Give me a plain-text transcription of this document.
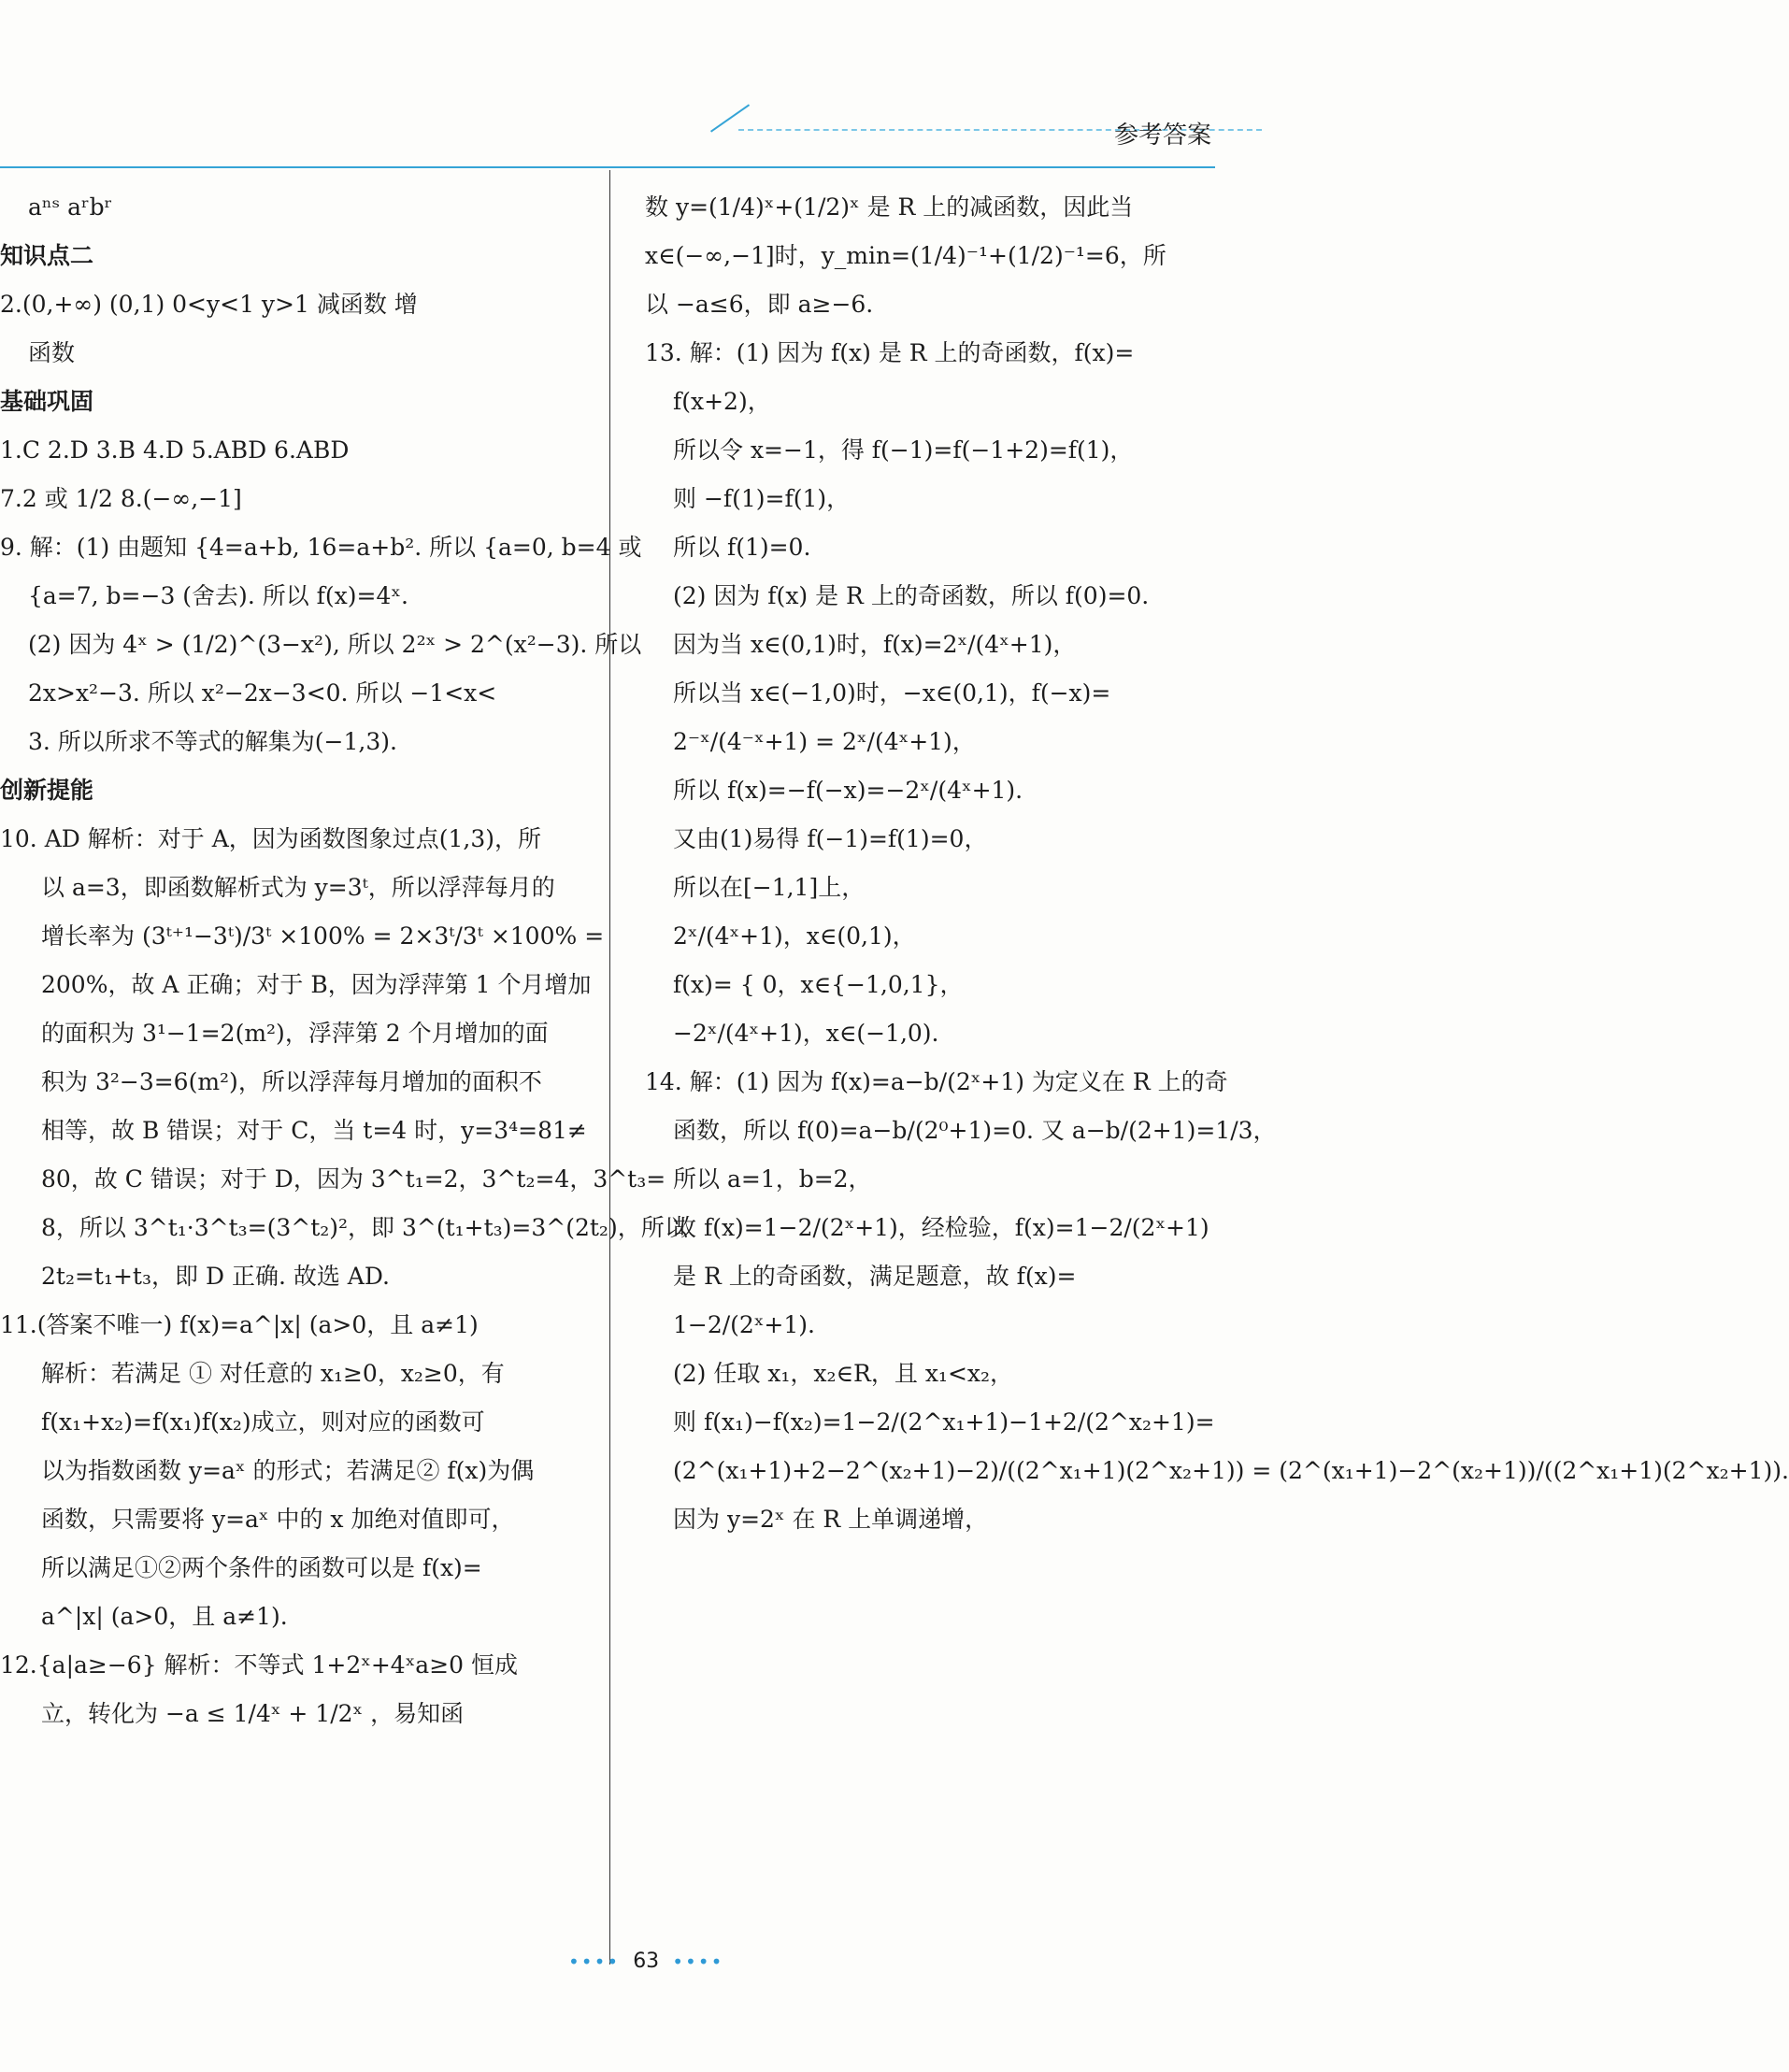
参考答案
aⁿˢ aʳbʳ
知识点二
2.(0,+∞) (0,1) 0<y<1 y>1 减函数 增
函数
基础巩固
1.C 2.D 3.B 4.D 5.ABD 6.ABD
7.2 或 1/2 8.(−∞,−1]
9. 解：(1) 由题知 {4=a+b, 16=a+b². 所以 {a=0, b=4 或
{a=7, b=−3 (舍去). 所以 f(x)=4ˣ.
(2) 因为 4ˣ > (1/2)^(3−x²), 所以 2²ˣ > 2^(x²−3). 所以
2x>x²−3. 所以 x²−2x−3<0. 所以 −1<x<
3. 所以所求不等式的解集为(−1,3).
创新提能
10. AD 解析：对于 A，因为函数图象过点(1,3)，所
以 a=3，即函数解析式为 y=3ᵗ，所以浮萍每月的
增长率为 (3ᵗ⁺¹−3ᵗ)/3ᵗ ×100% = 2×3ᵗ/3ᵗ ×100% =
200%，故 A 正确；对于 B，因为浮萍第 1 个月增加
的面积为 3¹−1=2(m²)，浮萍第 2 个月增加的面
积为 3²−3=6(m²)，所以浮萍每月增加的面积不
相等，故 B 错误；对于 C，当 t=4 时，y=3⁴=81≠
80，故 C 错误；对于 D，因为 3^t₁=2，3^t₂=4，3^t₃=
8，所以 3^t₁·3^t₃=(3^t₂)²，即 3^(t₁+t₃)=3^(2t₂)，所以
2t₂=t₁+t₃，即 D 正确. 故选 AD.
11.(答案不唯一) f(x)=a^|x| (a>0，且 a≠1)
解析：若满足 ① 对任意的 x₁≥0，x₂≥0，有
f(x₁+x₂)=f(x₁)f(x₂)成立，则对应的函数可
以为指数函数 y=aˣ 的形式；若满足② f(x)为偶
函数，只需要将 y=aˣ 中的 x 加绝对值即可，
所以满足①②两个条件的函数可以是 f(x)=
a^|x| (a>0，且 a≠1).
12.{a|a≥−6} 解析：不等式 1+2ˣ+4ˣa≥0 恒成
立，转化为 −a ≤ 1/4ˣ + 1/2ˣ ，易知函
数 y=(1/4)ˣ+(1/2)ˣ 是 R 上的减函数，因此当
x∈(−∞,−1]时，y_min=(1/4)⁻¹+(1/2)⁻¹=6，所
以 −a≤6，即 a≥−6.
13. 解：(1) 因为 f(x) 是 R 上的奇函数，f(x)=
f(x+2)，
所以令 x=−1，得 f(−1)=f(−1+2)=f(1)，
则 −f(1)=f(1)，
所以 f(1)=0.
(2) 因为 f(x) 是 R 上的奇函数，所以 f(0)=0.
因为当 x∈(0,1)时，f(x)=2ˣ/(4ˣ+1)，
所以当 x∈(−1,0)时，−x∈(0,1)，f(−x)=
2⁻ˣ/(4⁻ˣ+1) = 2ˣ/(4ˣ+1)，
所以 f(x)=−f(−x)=−2ˣ/(4ˣ+1).
又由(1)易得 f(−1)=f(1)=0，
所以在[−1,1]上，
2ˣ/(4ˣ+1)，x∈(0,1)，
f(x)= { 0，x∈{−1,0,1}，
−2ˣ/(4ˣ+1)，x∈(−1,0).
14. 解：(1) 因为 f(x)=a−b/(2ˣ+1) 为定义在 R 上的奇
函数，所以 f(0)=a−b/(2⁰+1)=0. 又 a−b/(2+1)=1/3，
所以 a=1，b=2，
故 f(x)=1−2/(2ˣ+1)，经检验，f(x)=1−2/(2ˣ+1)
是 R 上的奇函数，满足题意，故 f(x)=
1−2/(2ˣ+1).
(2) 任取 x₁，x₂∈R，且 x₁<x₂，
则 f(x₁)−f(x₂)=1−2/(2^x₁+1)−1+2/(2^x₂+1)=
(2^(x₁+1)+2−2^(x₂+1)−2)/((2^x₁+1)(2^x₂+1)) = (2^(x₁+1)−2^(x₂+1))/((2^x₁+1)(2^x₂+1)).
因为 y=2ˣ 在 R 上单调递增，
•••• 63 ••••
